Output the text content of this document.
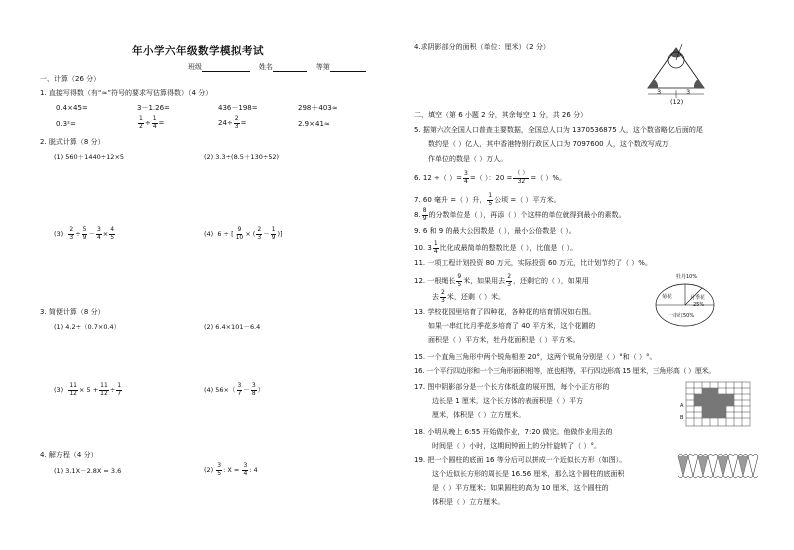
年小学六年级数学模拟考试
班级	姓名	等第
一、计算（26 分）
1. 直接写得数（有“≈”符号的要求写估算得数）（4 分）
0.4×45=	3－1.26=	436－198=	298＋403≈
0.3²=	$\frac{1}{2} \div \frac{1}{4}$ =	$24\div \frac{2}{3}$ =	2.9×41≈
2. 脱式计算（8 分）
(1) 560＋1440÷12×5	(2) 3.3÷(8.5＋130÷52)
$(3) \frac{2}{3} \div \frac{5}{9} - \frac{3}{4} \times \frac{4}{5}$	(4) 6 ÷ [ $\frac{9}{10}$ × ( $\frac{2}{3} - \frac{1}{9}$ )]
3. 简便计算（8 分）
(1) 4.2÷（0.7×0.4）	(2) 6.4×101－6.4
$(3) \frac{11}{12} \times 5 + \frac{11}{12} \div \frac{1}{7}$	(4) $56\times( \frac{3}{7} - \frac{3}{8}$ ）
4. 解方程（4 分）
(1) 3.1X－2.8X = 3.6	$(2) \frac{3}{5}$ : $X = \frac{3}{4}$ : 4
4.求阴影部分的面积（单位：厘米）（2 分）
3	3
(12)
二、填空（第 6 小题 2 分，其余每空 1 分，共 26 分）
5. 据第六次全国人口普查主要数据，全国总人口为 1370536875 人，这个数省略亿后面的尾
数约是（ ）亿人，其中香港特别行政区人口为 7097600 人，这个数改写成万
作单位的数是（ ）万人。
6. 12 ÷（ ）= $\frac{3}{4}$ =（ ）：$20 = \frac{( )}{32}$ =（ ）%。
7. 60 毫升 =（ ）升， $\frac{1}{5}$ 公顷 =（ ）平方米。
8. $\frac{8}{9}$ 的分数单位是（ ），再添（ ）个这样的单位就得到最小的素数。
9. 6 和 9 的最大公因数是（ ），最小公倍数是（ ）。
10. $3 \frac{1}{4}$ 比化成最简单的整数比是（ ），比值是（ ）。
11. 一项工程计划投资 80 万元，实际投资 60 万元，比计划节约了（ ）%。
12. 一根绳长 $\frac{9}{5}$ 米，如果用去 $\frac{2}{3}$ ，还剩它的（ ），如果用
去 $\frac{2}{3}$ 米，还剩（ ）米。
13. 学校花园里培育了四种花，各种花的培育情况如右图。
如果一串红比月季花多培育了 40 平方米，这个花圃的
面积是（ ）平方米，牡丹花面积是（ ）平方米。
牡丹10%
菊花	月季花
25%
一串红50%
15. 一个直角三角形中两个锐角相差 20°，这两个锐角分别是（ ）°和（ ）°。
16. 一个平行四边形和一个三角形面积相等，底也相等，平行四边形高 15 厘米，三角形高（ ）厘米。
17. 图中阴影部分是一个长方体纸盒的展开图，每个小正方形的
边长是 1 厘米，这个长方体的表面积是（ ）平方
厘米，体积是（ ）立方厘米。
A
B
18. 小明从晚上 6:55 开始做作业，7:20 做完。他做作业用去的
时间是（ ）小时，这期间钟面上的分针旋转了（ ）°。
19. 把一个圆柱的底面 16 等分后可以拼成一个近似长方形（如图）。
这个近似长方形的周长是 16.56 厘米，那么这个圆柱的底面积
是（ ）平方厘米；如果圆柱的高为 10 厘米，这个圆柱的
体积是（ ）立方厘米。
